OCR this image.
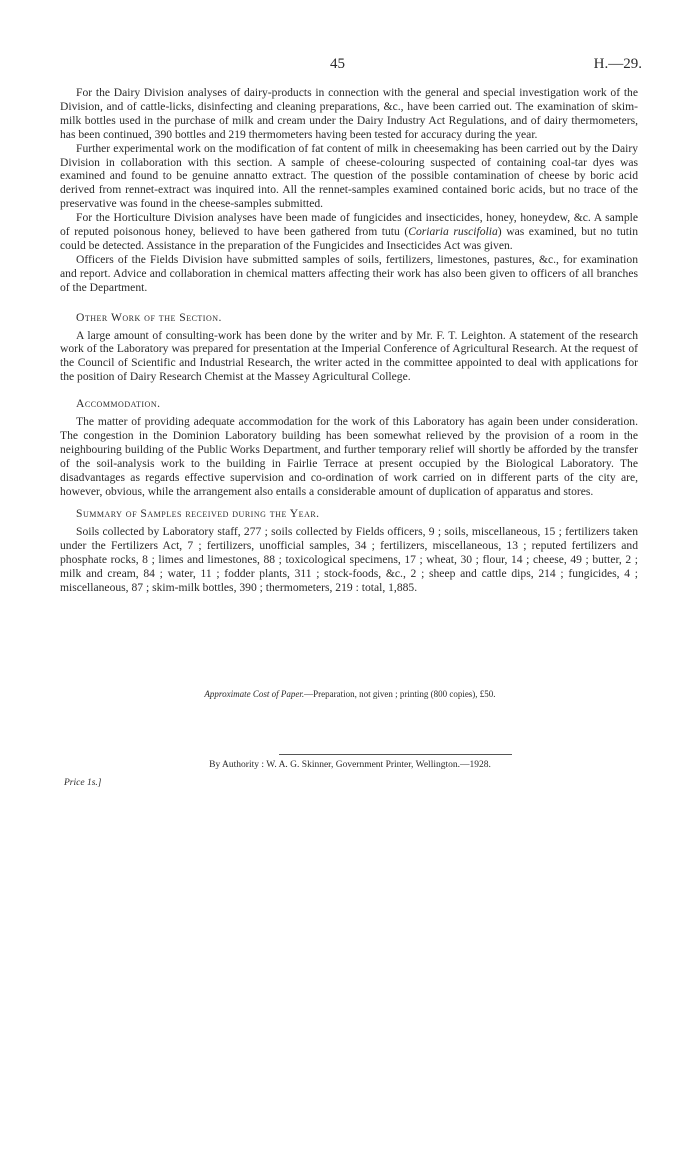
45	H.—29.

For the Dairy Division analyses of dairy-products in connection with the general and special investigation work of the Division, and of cattle-licks, disinfecting and cleaning preparations, &c., have been carried out. The examination of skim-milk bottles used in the purchase of milk and cream under the Dairy Industry Act Regulations, and of dairy thermometers, has been continued, 390 bottles and 219 thermometers having been tested for accuracy during the year.

Further experimental work on the modification of fat content of milk in cheesemaking has been carried out by the Dairy Division in collaboration with this section. A sample of cheese-colouring suspected of containing coal-tar dyes was examined and found to be genuine annatto extract. The question of the possible contamination of cheese by boric acid derived from rennet-extract was inquired into. All the rennet-samples examined contained boric acids, but no trace of the preservative was found in the cheese-samples submitted.

For the Horticulture Division analyses have been made of fungicides and insecticides, honey, honeydew, &c. A sample of reputed poisonous honey, believed to have been gathered from tutu (Coriaria ruscifolia) was examined, but no tutin could be detected. Assistance in the preparation of the Fungicides and Insecticides Act was given.

Officers of the Fields Division have submitted samples of soils, fertilizers, limestones, pastures, &c., for examination and report. Advice and collaboration in chemical matters affecting their work has also been given to officers of all branches of the Department.

Other Work of the Section.

A large amount of consulting-work has been done by the writer and by Mr. F. T. Leighton. A statement of the research work of the Laboratory was prepared for presentation at the Imperial Conference of Agricultural Research. At the request of the Council of Scientific and Industrial Research, the writer acted in the committee appointed to deal with applications for the position of Dairy Research Chemist at the Massey Agricultural College.

Accommodation.

The matter of providing adequate accommodation for the work of this Laboratory has again been under consideration. The congestion in the Dominion Laboratory building has been somewhat relieved by the provision of a room in the neighbouring building of the Public Works Department, and further temporary relief will shortly be afforded by the transfer of the soil-analysis work to the building in Fairlie Terrace at present occupied by the Biological Laboratory. The disadvantages as regards effective supervision and co-ordination of work carried on in different parts of the city are, however, obvious, while the arrangement also entails a considerable amount of duplication of apparatus and stores.

Summary of Samples received during the Year.

Soils collected by Laboratory staff, 277 ; soils collected by Fields officers, 9 ; soils, miscellaneous, 15 ; fertilizers taken under the Fertilizers Act, 7 ; fertilizers, unofficial samples, 34 ; fertilizers, miscellaneous, 13 ; reputed fertilizers and phosphate rocks, 8 ; limes and limestones, 88 ; toxicological specimens, 17 ; wheat, 30 ; flour, 14 ; cheese, 49 ; butter, 2 ; milk and cream, 84 ; water, 11 ; fodder plants, 311 ; stock-foods, &c., 2 ; sheep and cattle dips, 214 ; fungicides, 4 ; miscellaneous, 87 ; skim-milk bottles, 390 ; thermometers, 219 : total, 1,885.

Approximate Cost of Paper.—Preparation, not given ; printing (800 copies), £50.
By Authority : W. A. G. Skinner, Government Printer, Wellington.—1928.
Price 1s.]
